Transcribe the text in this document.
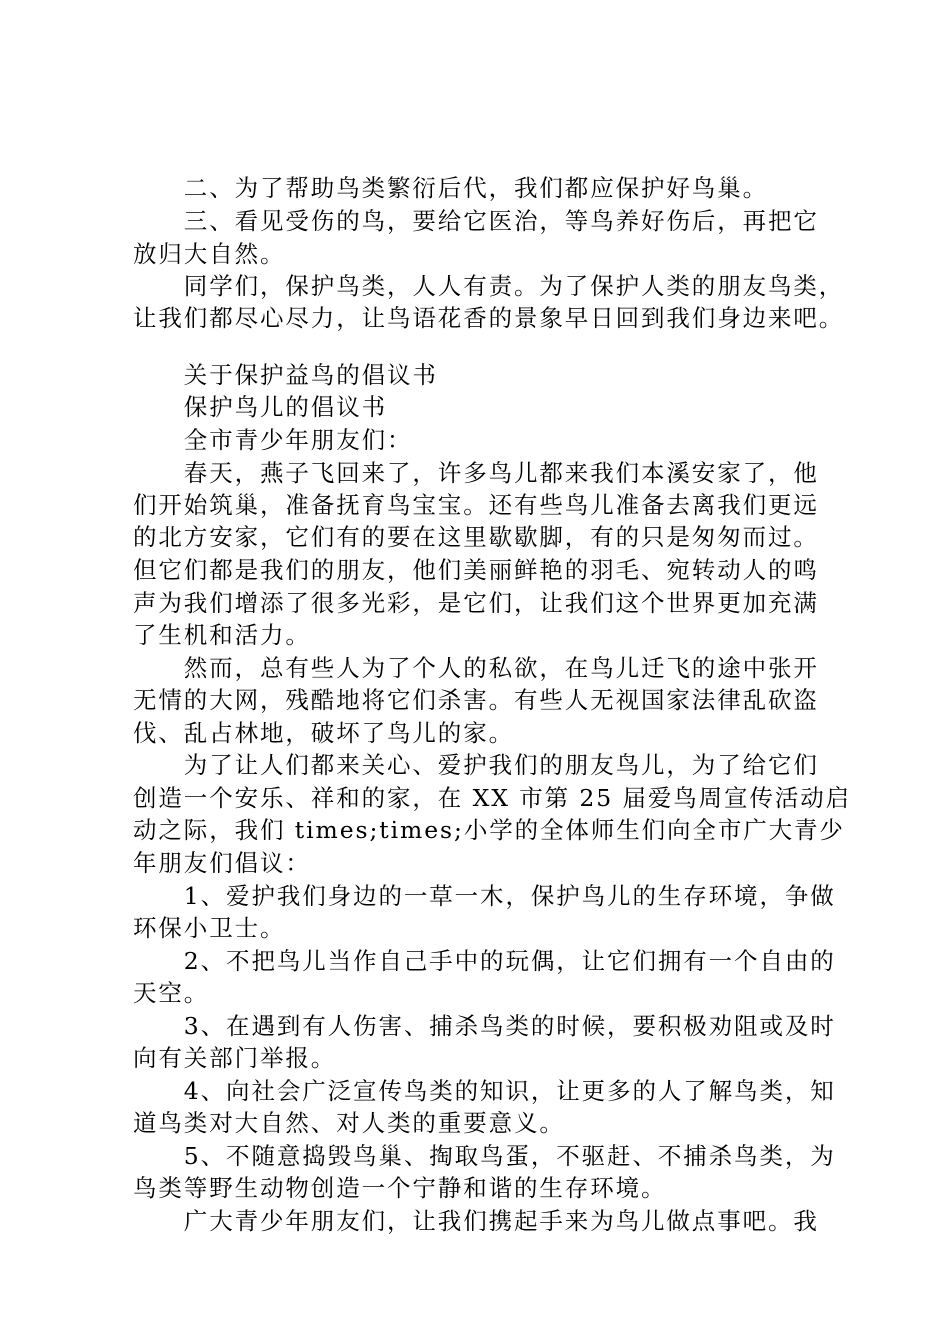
　　二、为了帮助鸟类繁衍后代，我们都应保护好鸟巢。
　　三、看见受伤的鸟，要给它医治，等鸟养好伤后，再把它
放归大自然。
　　同学们，保护鸟类，人人有责。为了保护人类的朋友鸟类，
让我们都尽心尽力，让鸟语花香的景象早日回到我们身边来吧。
　　关于保护益鸟的倡议书
　　保护鸟儿的倡议书
　　全市青少年朋友们：
　　春天，燕子飞回来了，许多鸟儿都来我们本溪安家了，他
们开始筑巢，准备抚育鸟宝宝。还有些鸟儿准备去离我们更远
的北方安家，它们有的要在这里歇歇脚，有的只是匆匆而过。
但它们都是我们的朋友，他们美丽鲜艳的羽毛、宛转动人的鸣
声为我们增添了很多光彩，是它们，让我们这个世界更加充满
了生机和活力。
　　然而，总有些人为了个人的私欲，在鸟儿迁飞的途中张开
无情的大网，残酷地将它们杀害。有些人无视国家法律乱砍盗
伐、乱占林地，破坏了鸟儿的家。
　　为了让人们都来关心、爱护我们的朋友鸟儿，为了给它们
创造一个安乐、祥和的家，在 XX 市第 25 届爱鸟周宣传活动启
动之际，我们 times;times;小学的全体师生们向全市广大青少
年朋友们倡议：
　　1、爱护我们身边的一草一木，保护鸟儿的生存环境，争做
环保小卫士。
　　2、不把鸟儿当作自己手中的玩偶，让它们拥有一个自由的
天空。
　　3、在遇到有人伤害、捕杀鸟类的时候，要积极劝阻或及时
向有关部门举报。
　　4、向社会广泛宣传鸟类的知识，让更多的人了解鸟类，知
道鸟类对大自然、对人类的重要意义。
　　5、不随意捣毁鸟巢、掏取鸟蛋，不驱赶、不捕杀鸟类，为
鸟类等野生动物创造一个宁静和谐的生存环境。
　　广大青少年朋友们，让我们携起手来为鸟儿做点事吧。我
